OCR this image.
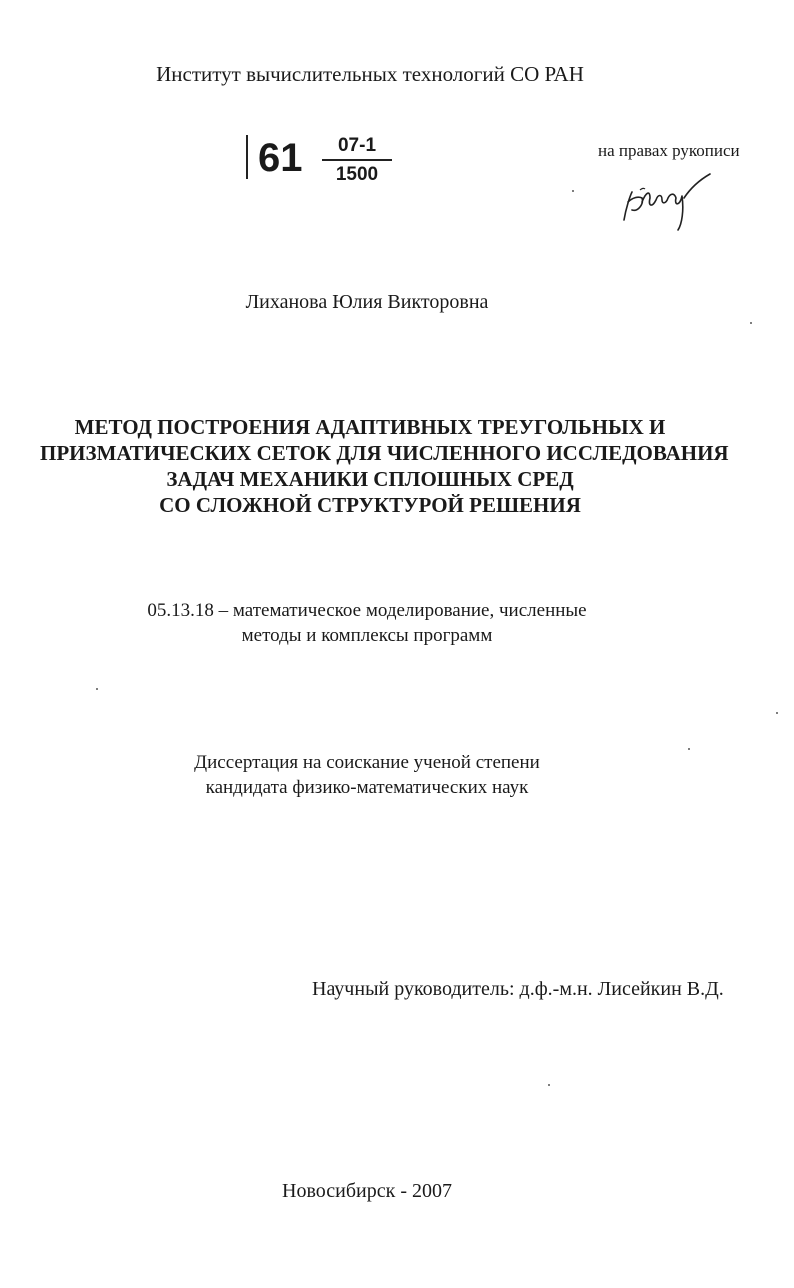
Институт вычислительных технологий СО РАН
61	07-1
1500
на правах рукописи
Лиханова Юлия Викторовна
МЕТОД ПОСТРОЕНИЯ АДАПТИВНЫХ ТРЕУГОЛЬНЫХ И
ПРИЗМАТИЧЕСКИХ СЕТОК ДЛЯ ЧИСЛЕННОГО ИССЛЕДОВАНИЯ
ЗАДАЧ МЕХАНИКИ СПЛОШНЫХ СРЕД
СО СЛОЖНОЙ СТРУКТУРОЙ РЕШЕНИЯ
05.13.18 – математическое моделирование, численные
методы и комплексы программ
Диссертация на соискание ученой степени
кандидата физико-математических наук
Научный руководитель: д.ф.-м.н. Лисейкин В.Д.
Новосибирск - 2007
